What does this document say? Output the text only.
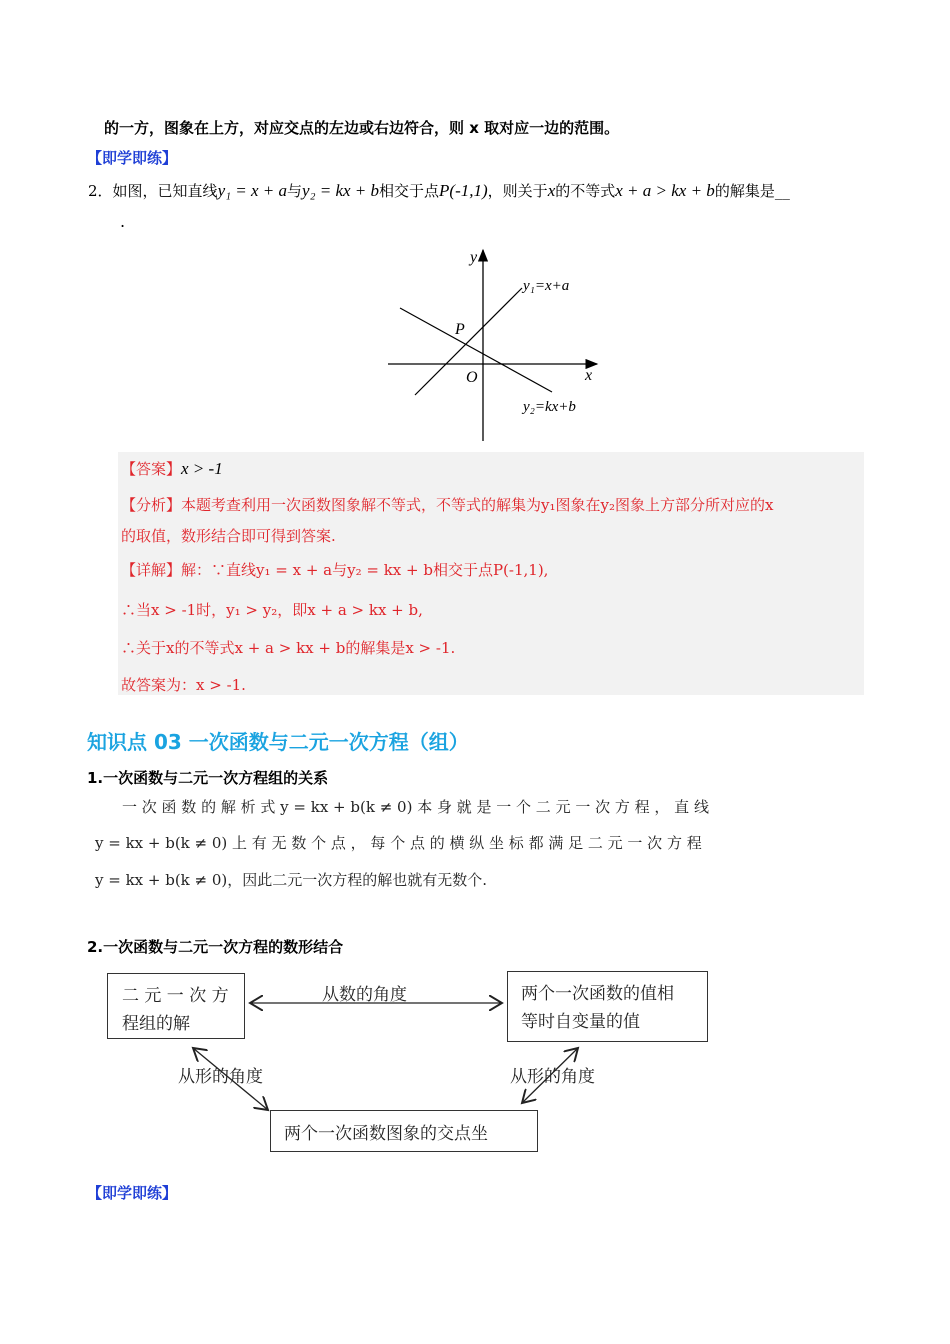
的一方，图象在上方，对应交点的左边或右边符合，则 x 取对应一边的范围。
【即学即练】
2．如图，已知直线y₁ = x + a与y₂ = kx + b相交于点P(-1,1)，则关于x的不等式x + a > kx + b的解集是__
.
y
x
O
P
y₁=x+a
y₂=kx+b
【答案】x > -1
【分析】本题考查利用一次函数图象解不等式，不等式的解集为y₁图象在y₂图象上方部分所对应的x
的取值，数形结合即可得到答案.
【详解】解：∵直线y₁ = x + a与y₂ = kx + b相交于点P(-1,1),
∴当x > -1时，y₁ > y₂，即x + a > kx + b,
∴关于x的不等式x + a > kx + b的解集是x > -1.
故答案为：x > -1.
知识点 03 一次函数与二元一次方程（组）
1.一次函数与二元一次方程组的关系
一 次 函 数 的 解 析 式 y = kx + b(k ≠ 0) 本 身 就 是 一 个 二 元 一 次 方 程 ， 直 线
y = kx + b(k ≠ 0) 上 有 无 数 个 点 ， 每 个 点 的 横 纵 坐 标 都 满 足 二 元 一 次 方 程
y = kx + b(k ≠ 0)，因此二元一次方程的解也就有无数个.
2.一次函数与二元一次方程的数形结合
二 元 一 次 方
程组的解
两个一次函数的值相
等时自变量的值
两个一次函数图象的交点坐
从数的角度
从形的角度	从形的角度
【即学即练】
